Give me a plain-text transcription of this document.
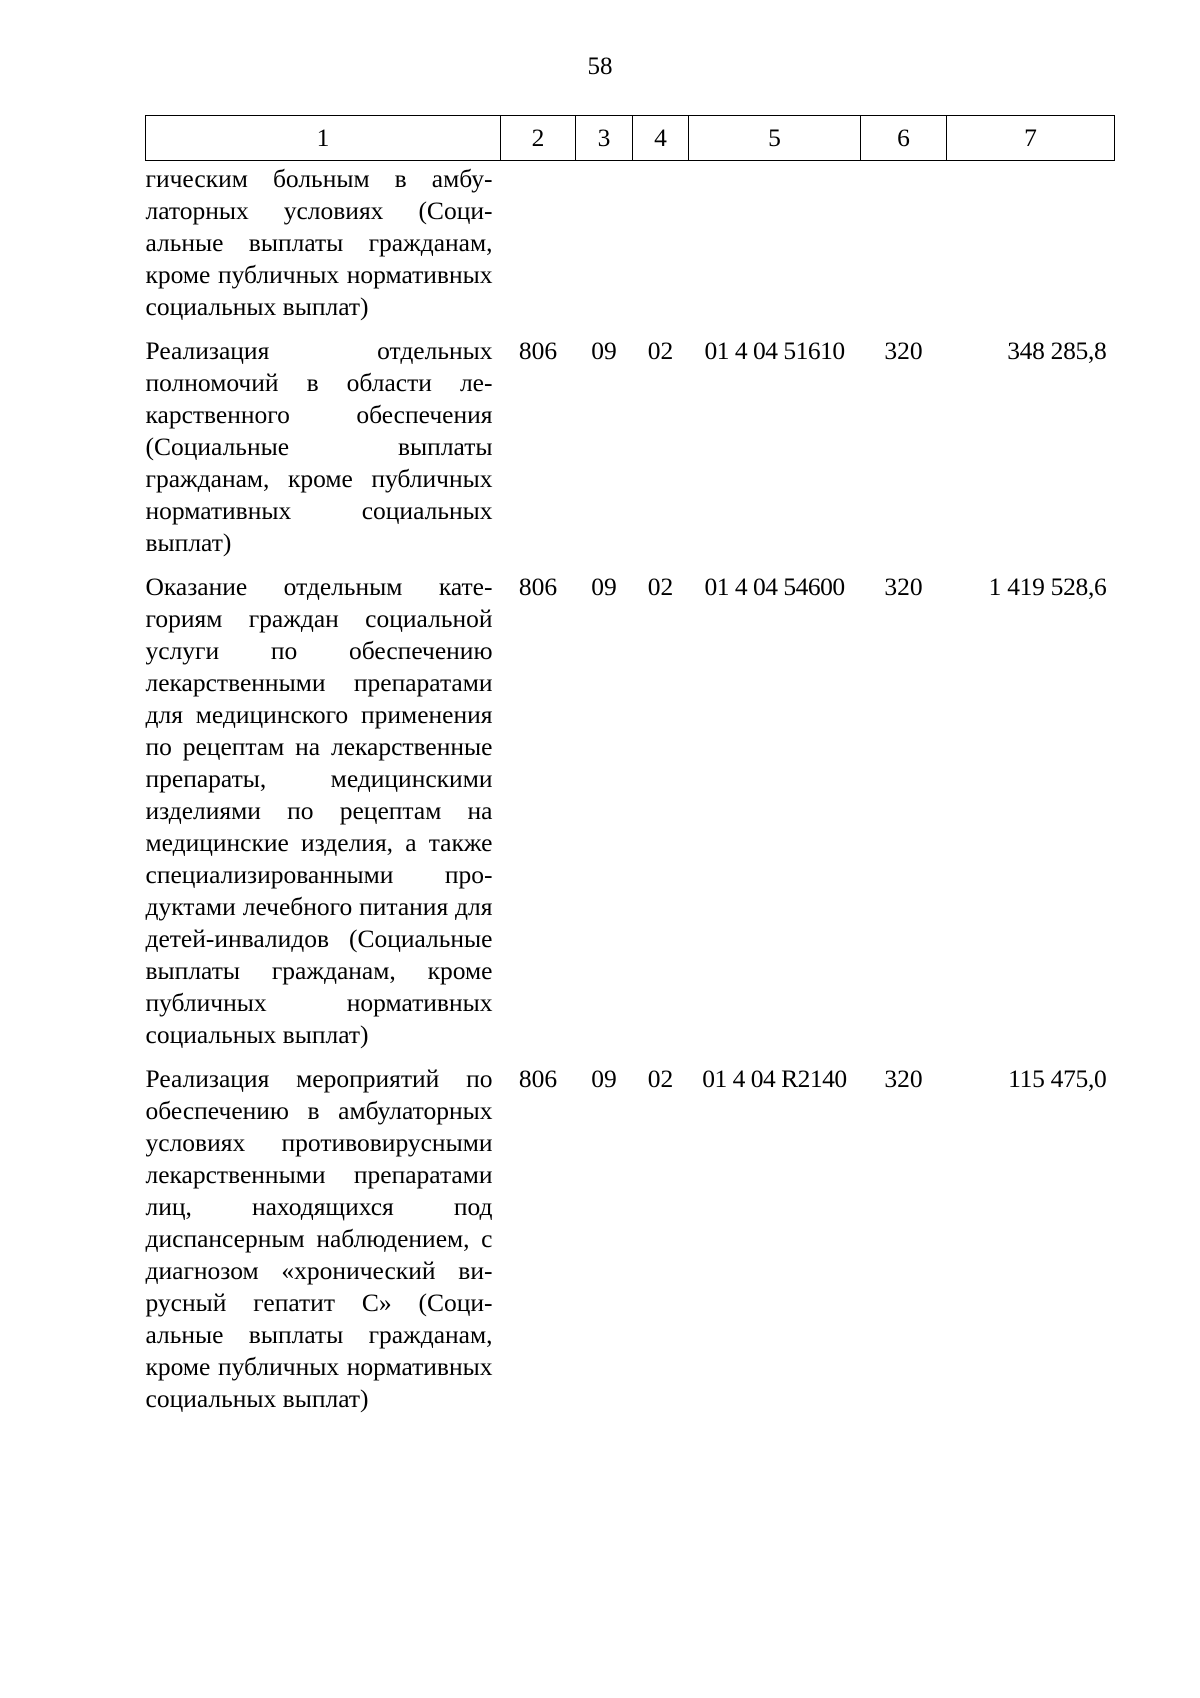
58
1	2	3	4	5	6	7
гическим больным в амбулаторных условиях (Социальные выплаты гражданам, кроме публичных нормативных социальных выплат)						
Реализация отдельных полномочий в области лекарственного обеспечения (Социальные выплаты гражданам, кроме публичных нормативных социальных выплат)	806	09	02	01 4 04 51610	320	348 285,8
Оказание отдельным категориям граждан социальной услуги по обеспечению лекарственными препаратами для медицинского применения по рецептам на лекарственные препараты, медицинскими изделиями по рецептам на медицинские изделия, а также специализированными продуктами лечебного питания для детей-инвалидов (Социальные выплаты гражданам, кроме публичных нормативных социальных выплат)	806	09	02	01 4 04 54600	320	1 419 528,6
Реализация мероприятий по обеспечению в амбулаторных условиях противовирусными лекарственными препаратами лиц, находящихся под диспансерным наблюдением, с диагнозом «хронический вирусный гепатит С» (Социальные выплаты гражданам, кроме публичных нормативных социальных выплат)	806	09	02	01 4 04 R2140	320	115 475,0
